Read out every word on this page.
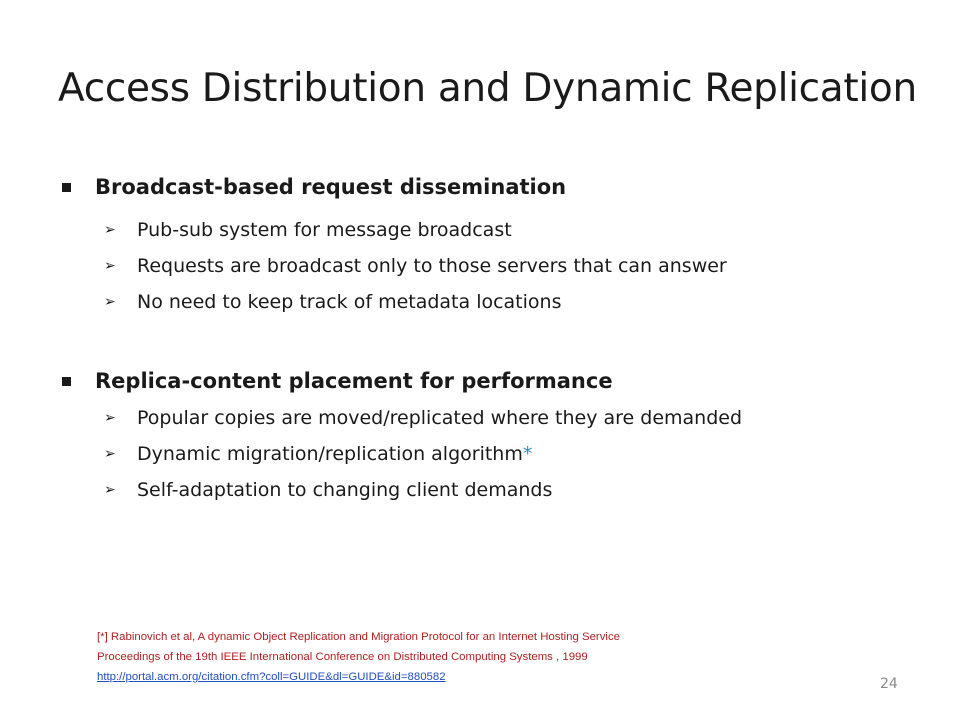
Access Distribution and Dynamic Replication
Broadcast-based request dissemination
➢ Pub-sub system for message broadcast
➢ Requests are broadcast only to those servers that can answer
➢ No need to keep track of metadata locations
Replica-content placement for performance
➢ Popular copies are moved/replicated where they are demanded
➢ Dynamic migration/replication algorithm*
➢ Self-adaptation to changing client demands
[*] Rabinovich et al, A dynamic Object Replication and Migration Protocol for an Internet Hosting Service
Proceedings of the 19th IEEE International Conference on Distributed Computing Systems , 1999
http://portal.acm.org/citation.cfm?coll=GUIDE&dl=GUIDE&id=880582	24
